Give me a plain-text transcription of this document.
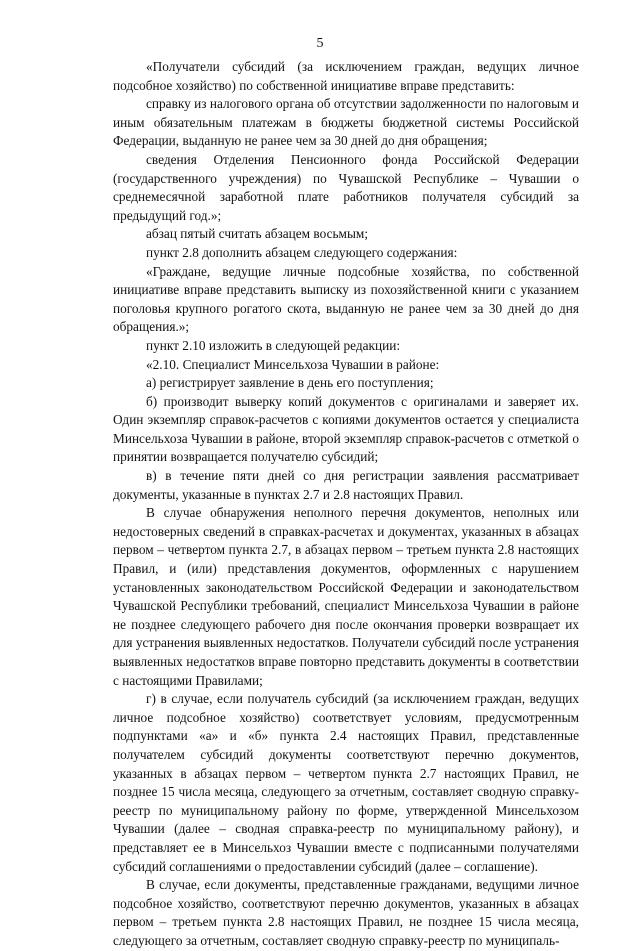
5

«Получатели субсидий (за исключением граждан, ведущих личное подсобное хозяйство) по собственной инициативе вправе представить:

справку из налогового органа об отсутствии задолженности по налоговым и иным обязательным платежам в бюджеты бюджетной системы Российской Федерации, выданную не ранее чем за 30 дней до дня обращения;

сведения Отделения Пенсионного фонда Российской Федерации (государственного учреждения) по Чувашской Республике – Чувашии о среднемесячной заработной плате работников получателя субсидий за предыдущий год.»;

абзац пятый считать абзацем восьмым;

пункт 2.8 дополнить абзацем следующего содержания:

«Граждане, ведущие личные подсобные хозяйства, по собственной инициативе вправе представить выписку из похозяйственной книги с указанием поголовья крупного рогатого скота, выданную не ранее чем за 30 дней до дня обращения.»;

пункт 2.10 изложить в следующей редакции:

«2.10. Специалист Минсельхоза Чувашии в районе:

а) регистрирует заявление в день его поступления;

б) производит выверку копий документов с оригиналами и заверяет их. Один экземпляр справок-расчетов с копиями документов остается у специалиста Минсельхоза Чувашии в районе, второй экземпляр справок-расчетов с отметкой о принятии возвращается получателю субсидий;

в) в течение пяти дней со дня регистрации заявления рассматривает документы, указанные в пунктах 2.7 и 2.8 настоящих Правил.

В случае обнаружения неполного перечня документов, неполных или недостоверных сведений в справках-расчетах и документах, указанных в абзацах первом – четвертом пункта 2.7, в абзацах первом – третьем пункта 2.8 настоящих Правил, и (или) представления документов, оформленных с нарушением установленных законодательством Российской Федерации и законодательством Чувашской Республики требований, специалист Минсельхоза Чувашии в районе не позднее следующего рабочего дня после окончания проверки возвращает их для устранения выявленных недостатков. Получатели субсидий после устранения выявленных недостатков вправе повторно представить документы в соответствии с настоящими Правилами;

г) в случае, если получатель субсидий (за исключением граждан, ведущих личное подсобное хозяйство) соответствует условиям, предусмотренным подпунктами «а» и «б» пункта 2.4 настоящих Правил, представленные получателем субсидий документы соответствуют перечню документов, указанных в абзацах первом – четвертом пункта 2.7 настоящих Правил, не позднее 15 числа месяца, следующего за отчетным, составляет сводную справку-реестр по муниципальному району по форме, утвержденной Минсельхозом Чувашии (далее – сводная справка-реестр по муниципальному району), и представляет ее в Минсельхоз Чувашии вместе с подписанными получателями субсидий соглашениями о предоставлении субсидий (далее – соглашение).

В случае, если документы, представленные гражданами, ведущими личное подсобное хозяйство, соответствуют перечню документов, указанных в абзацах первом – третьем пункта 2.8 настоящих Правил, не позднее 15 числа месяца, следующего за отчетным, составляет сводную справку-реестр по муниципаль-
